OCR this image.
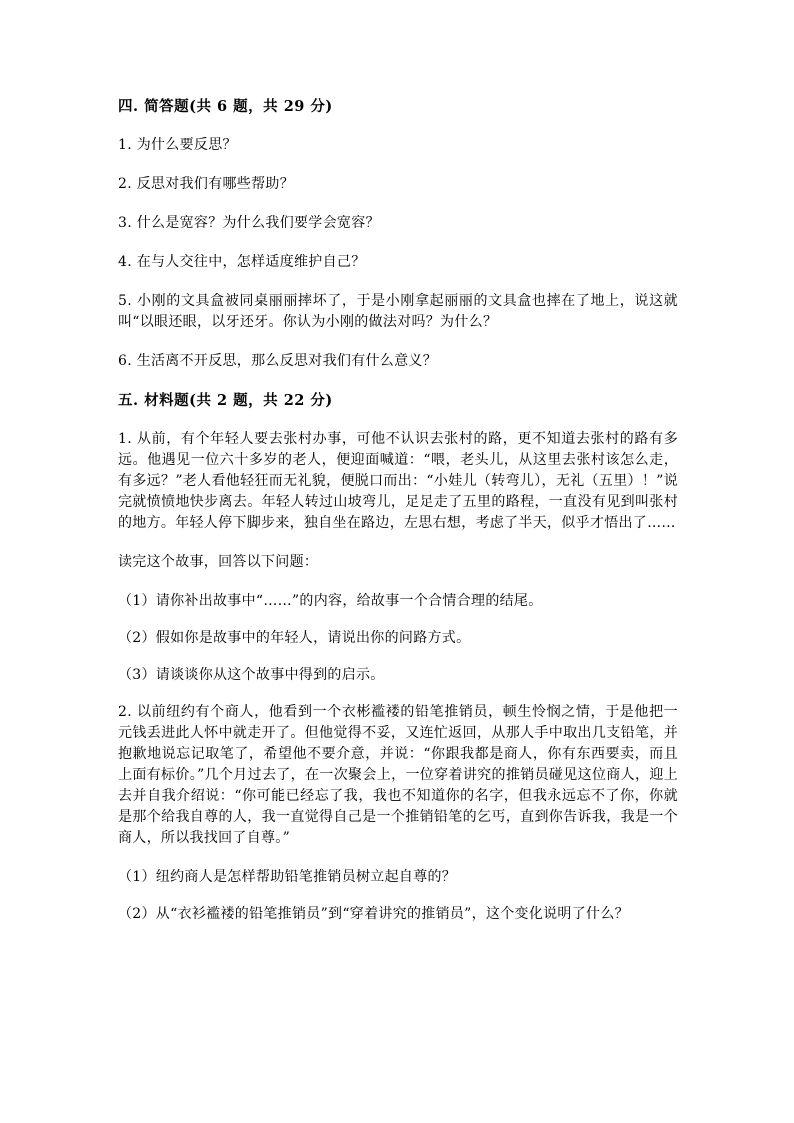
四. 简答题(共 6 题，共 29 分)
1. 为什么要反思？
2. 反思对我们有哪些帮助？
3. 什么是宽容？为什么我们要学会宽容？
4. 在与人交往中，怎样适度维护自己？
5. 小刚的文具盒被同桌丽丽摔坏了，于是小刚拿起丽丽的文具盒也摔在了地上，说这就叫“以眼还眼，以牙还牙。你认为小刚的做法对吗？为什么？
6. 生活离不开反思，那么反思对我们有什么意义？
五. 材料题(共 2 题，共 22 分)
1. 从前，有个年轻人要去张村办事，可他不认识去张村的路，更不知道去张村的路有多远。他遇见一位六十多岁的老人，便迎面喊道：“喂，老头儿，从这里去张村该怎么走，有多远？”老人看他轻狂而无礼貌，便脱口而出：“小娃儿（转弯儿），无礼（五里）！”说完就愤愤地快步离去。年轻人转过山坡弯儿，足足走了五里的路程，一直没有见到叫张村的地方。年轻人停下脚步来，独自坐在路边，左思右想，考虑了半天，似乎才悟出了……
读完这个故事，回答以下问题：
（1）请你补出故事中“……”的内容，给故事一个合情合理的结尾。
（2）假如你是故事中的年轻人，请说出你的问路方式。
（3）请谈谈你从这个故事中得到的启示。
2. 以前纽约有个商人，他看到一个衣彬褴褛的铅笔推销员，顿生怜悯之情，于是他把一元钱丢进此人怀中就走开了。但他觉得不妥，又连忙返回，从那人手中取出几支铅笔，并抱歉地说忘记取笔了，希望他不要介意，并说：“你跟我都是商人，你有东西要卖，而且上面有标价。”几个月过去了，在一次聚会上，一位穿着讲究的推销员碰见这位商人，迎上去并自我介绍说：“你可能已经忘了我，我也不知道你的名字，但我永远忘不了你，你就是那个给我自尊的人，我一直觉得自己是一个推销铅笔的乞丐，直到你告诉我，我是一个商人，所以我找回了自尊。”
（1）纽约商人是怎样帮助铅笔推销员树立起自尊的？
（2）从“衣衫褴褛的铅笔推销员”到“穿着讲究的推销员”，这个变化说明了什么？
